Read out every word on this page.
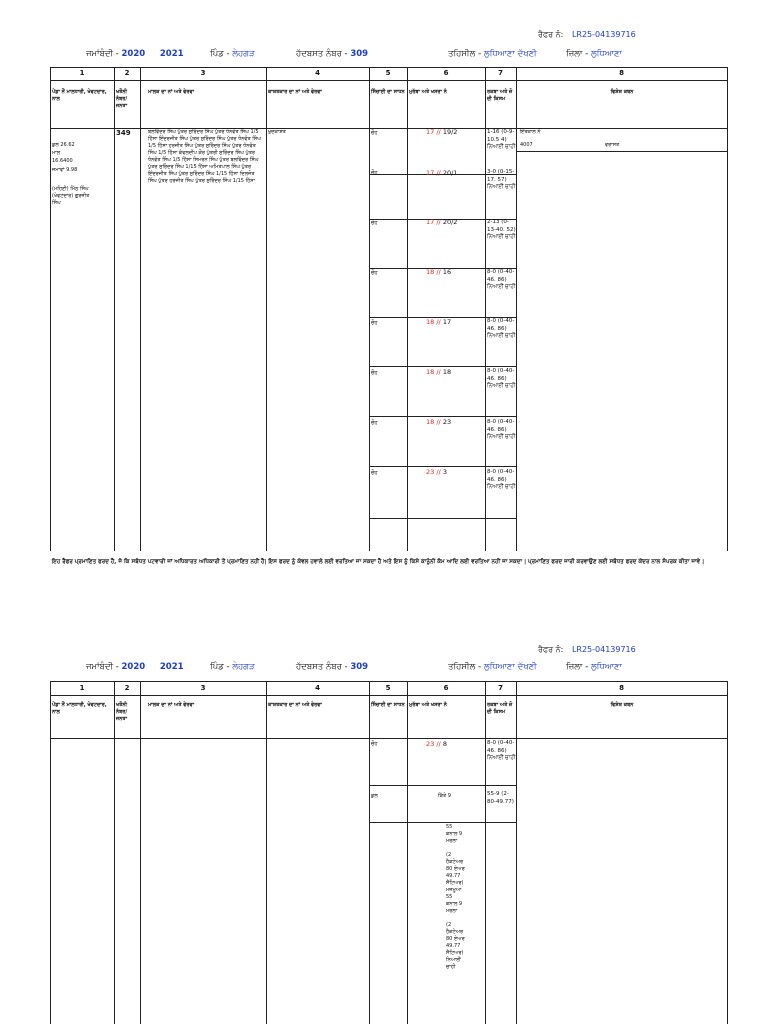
ਰੈਫਰ ਨੰ: LR25-04139716
ਜਮਾਂਬੰਦੀ - 2020 2021	ਪਿੰਡ - ਲੇਹਗੜ	ਹੱਦਬਸਤ ਨੰਬਰ - 309	ਤਹਿਸੀਲ - ਲੁਧਿਆਣਾ ਦੱਖਣੀ	ਜ਼ਿਲਾ - ਲੁਧਿਆਣਾ
1	2	3	4	5	6	7	8
ਪੇਂਡਾ ਨੌਂ ਮਾਲਧਾਰੀ, ਖੇਵਟਦਾਰ, ਨਾਲ
ਖਤੌਨੀ ਨੰਬਰ/ ਜਨਤਾ
ਮਾਲਕ ਦਾ ਨਾਂ ਅਤੇ ਵੇਰਵਾ	ਕਾਸ਼ਤਕਾਰ ਦਾ ਨਾਂ ਅਤੇ ਵੇਰਵਾ	ਸਿੰਚਾਈ ਦਾ ਸਾਧਨ ਮੁਰੱਬਾ ਅਤੇ ਖਸਰਾ ਨੰ	ਰਕਬਾ ਅਤੇ ਜ਼ੋ ਦੀ ਕਿਸਮ
ਵਿਸ਼ੇਸ਼ ਕਥਨ
ਕੁਲ 26.62
ਮਾਲ
16.6400
ਜਮਾਵਾਂ 9.98
(ਮਹਿਣੀ) ਮਿੱਠ ਸਿੰਘ (ਖੇਵਟਦਾਰ) ਗੁਰਜੀਤ ਸਿੰਘ
349	ਬਲਵਿੰਦਰ ਸਿੰਘ ਪੁੱਤਰ ਸੁਰਿੰਦਰ ਸਿੰਘ ਪੁੱਤਰ ਧੰਨਵੰਤ ਸਿੰਘ 1/5 ਹਿੱਸਾ ਇੰਦਰਜੀਤ ਸਿੰਘ ਪੁੱਤਰ ਸੁਰਿੰਦਰ ਸਿੰਘ ਪੁੱਤਰ ਧੰਨਵੰਤ ਸਿੰਘ 1/5 ਹਿੱਸਾ ਹਰਜੀਤ ਸਿੰਘ ਪੁੱਤਰ ਸੁਰਿੰਦਰ ਸਿੰਘ ਪੁੱਤਰ ਧੰਨਵੰਤ ਸਿੰਘ 1/5 ਹਿੱਸਾ ਕੰਵਲਦੀਪ ਕੌਰ ਪੁੱਤਰੀ ਸੁਰਿੰਦਰ ਸਿੰਘ ਪੁੱਤਰ ਧੰਨਵੰਤ ਸਿੰਘ 1/5 ਹਿੱਸਾ ਸਿਮਰਨ ਸਿੰਘ ਪੁੱਤਰ ਬਲਵਿੰਦਰ ਸਿੰਘ ਪੁੱਤਰ ਸੁਰਿੰਦਰ ਸਿੰਘ 1/15 ਹਿੱਸਾ ਅਮਿਤਪਾਲ ਸਿੰਘ ਪੁੱਤਰ ਇੰਦਰਜੀਤ ਸਿੰਘ ਪੁੱਤਰ ਸੁਰਿੰਦਰ ਸਿੰਘ 1/15 ਹਿੱਸਾ ਦਿਲਜੋਤ ਸਿੰਘ ਪੁੱਤਰ ਹਰਜੀਤ ਸਿੰਘ ਪੁੱਤਰ ਸੁਰਿੰਦਰ ਸਿੰਘ 1/15 ਹਿੱਸਾ
ਖੁਦਕਾਸ਼ਤ	ਇੰਤਕਾਲ ਨੰ
4007	ਵਰਾਸਤ
ਚੌਹ	17 // 19/2	1-16 (0-9-10.5 4) ਨਿਆਈਂ ਚਾਹੀ
ਚੌਹ	17 // 20/1	3-0 (0-15-17. 57) ਨਿਆਈਂ ਚਾਹੀ
ਚੌਹ	17 // 20/2	2-13 (0-13-40. 52) ਨਿਆਈਂ ਚਾਹੀ
ਚੌਹ	18 // 16	8-0 (0-40-46. 86) ਨਿਆਈਂ ਚਾਹੀ
ਚੌਹ	18 // 17	8-0 (0-40-46. 86) ਨਿਆਈਂ ਚਾਹੀ
ਚੌਹ	18 // 18	8-0 (0-40-46. 86) ਨਿਆਈਂ ਚਾਹੀ
ਚੌਹ	18 // 23	8-0 (0-40-46. 86) ਨਿਆਈਂ ਚਾਹੀ
ਚੌਹ	23 // 3	8-0 (0-40-46. 86) ਨਿਆਈਂ ਚਾਹੀ
ਇਹ ਰੈਫਰ ਪ੍ਰਮਾਣਿਤ ਫਰਦ ਹੈ, ਜੋ ਕਿ ਸਬੰਧਤ ਪਟਵਾਰੀ ਜਾਂ ਅਧਿਕਾਰਤ ਅਧਿਕਾਰੀ ਤੋਂ ਪ੍ਰਮਾਣਿਤ ਨਹੀਂ ਹੈ| ਇਸ ਫਰਦ ਨੂੰ ਕੇਵਲ ਹਵਾਲੇ ਲਈ ਵਰਤਿਆ ਜਾ ਸਕਦਾ ਹੈ ਅਤੇ ਇਸ ਨੂੰ ਕਿਸੇ ਕਾਨੂੰਨੀ ਕੰਮ ਆਦਿ ਲਈ ਵਰਤਿਆ ਨਹੀਂ ਜਾ ਸਕਦਾ | ਪ੍ਰਮਾਣਿਤ ਫਰਦ ਜਾਰੀ ਕਰਵਾਉਣ ਲਈ ਸਬੰਧਤ ਫਰਦ ਕੇਂਦਰ ਨਾਲ ਸੰਪਰਕ ਕੀਤਾ ਜਾਵੇ |
ਰੈਫਰ ਨੰ: LR25-04139716
ਜਮਾਂਬੰਦੀ - 2020 2021	ਪਿੰਡ - ਲੇਹਗੜ	ਹੱਦਬਸਤ ਨੰਬਰ - 309	ਤਹਿਸੀਲ - ਲੁਧਿਆਣਾ ਦੱਖਣੀ	ਜ਼ਿਲਾ - ਲੁਧਿਆਣਾ
1	2	3	4	5	6	7	8
ਪੇਂਡਾ ਨੌਂ ਮਾਲਧਾਰੀ, ਖੇਵਟਦਾਰ, ਨਾਲ
ਖਤੌਨੀ ਨੰਬਰ/ ਜਨਤਾ
ਮਾਲਕ ਦਾ ਨਾਂ ਅਤੇ ਵੇਰਵਾ	ਕਾਸ਼ਤਕਾਰ ਦਾ ਨਾਂ ਅਤੇ ਵੇਰਵਾ	ਸਿੰਚਾਈ ਦਾ ਸਾਧਨ ਮੁਰੱਬਾ ਅਤੇ ਖਸਰਾ ਨੰ	ਰਕਬਾ ਅਤੇ ਜ਼ੋ ਦੀ ਕਿਸਮ
ਵਿਸ਼ੇਸ਼ ਕਥਨ
ਚੌਹ	23 // 8	8-0 (0-40-46. 86) ਨਿਆਈਂ ਚਾਹੀ
ਕੁਲ	ਕਿੱਤੇ 9	55-9 (2-80-49.77)
55
ਕਨਾਲ 9
ਮਰਲਾ
(2
ਹੈਕਟੇਅਰ
80 ਏਅਰ
49.77
ਸੈਂਟਿਅਰ)
ਮਜਮੂਆ
55
ਕਨਾਲ 9
ਮਰਲਾ
(2
ਹੈਕਟੇਅਰ
80 ਏਅਰ
49.77
ਸੈਂਟਿਅਰ)
ਨਿਆਈਂ
ਚਾਹੀ
